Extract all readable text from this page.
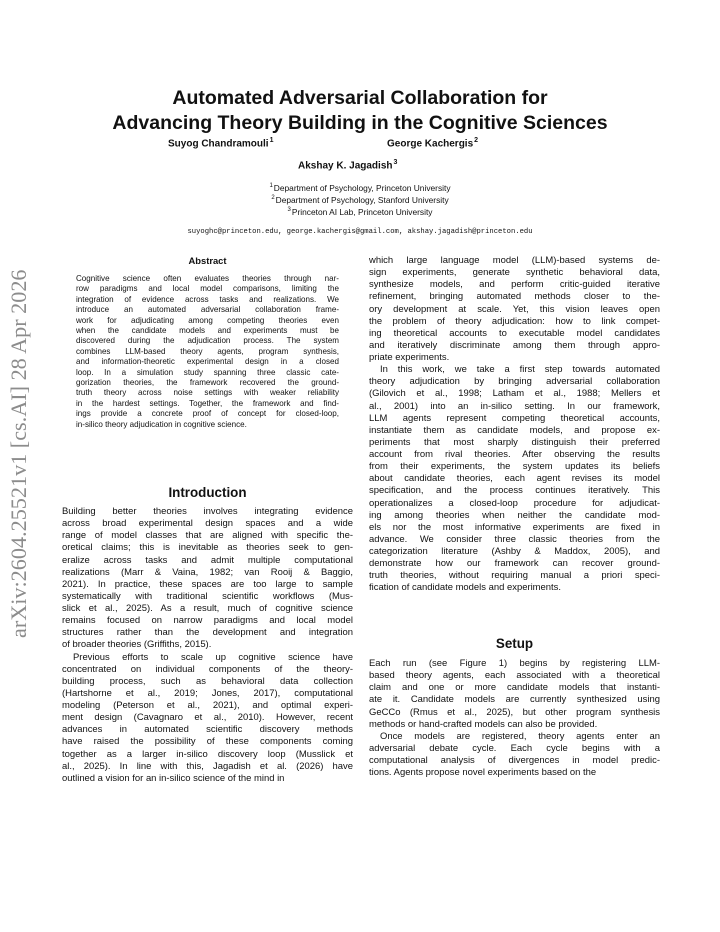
arXiv:2604.25521v1 [cs.AI] 28 Apr 2026
Automated Adversarial Collaboration for
Advancing Theory Building in the Cognitive Sciences
Suyog Chandramouli$^1$	George Kachergis$^2$
Akshay K. Jagadish$^3$
$^1$Department of Psychology, Princeton University
$^2$Department of Psychology, Stanford University
$^3$Princeton AI Lab, Princeton University
suyoghc@princeton.edu, george.kachergis@gmail.com, akshay.jagadish@princeton.edu
Abstract
Cognitive science often evaluates theories through nar-
row paradigms and local model comparisons, limiting the
integration of evidence across tasks and realizations. We
introduce an automated adversarial collaboration frame-
work for adjudicating among competing theories even
when the candidate models and experiments must be
discovered during the adjudication process. The system
combines LLM-based theory agents, program synthesis,
and information-theoretic experimental design in a closed
loop. In a simulation study spanning three classic cate-
gorization theories, the framework recovered the ground-
truth theory across noise settings with weaker reliability
in the hardest settings. Together, the framework and find-
ings provide a concrete proof of concept for closed-loop,
in-silico theory adjudication in cognitive science.
Introduction
Building better theories involves integrating evidence
across broad experimental design spaces and a wide
range of model classes that are aligned with specific the-
oretical claims; this is inevitable as theories seek to gen-
eralize across tasks and admit multiple computational
realizations (Marr & Vaina, 1982; van Rooij & Baggio,
2021). In practice, these spaces are too large to sample
systematically with traditional scientific workflows (Mus-
slick et al., 2025). As a result, much of cognitive science
remains focused on narrow paradigms and local model
structures rather than the development and integration
of broader theories (Griffiths, 2015).
Previous efforts to scale up cognitive science have
concentrated on individual components of the theory-
building process, such as behavioral data collection
(Hartshorne et al., 2019; Jones, 2017), computational
modeling (Peterson et al., 2021), and optimal experi-
ment design (Cavagnaro et al., 2010). However, recent
advances in automated scientific discovery methods
have raised the possibility of these components coming
together as a larger in-silico discovery loop (Musslick et
al., 2025). In line with this, Jagadish et al. (2026) have
outlined a vision for an in-silico science of the mind in
which large language model (LLM)-based systems de-
sign experiments, generate synthetic behavioral data,
synthesize models, and perform critic-guided iterative
refinement, bringing automated methods closer to the-
ory development at scale. Yet, this vision leaves open
the problem of theory adjudication: how to link compet-
ing theoretical accounts to executable model candidates
and iteratively discriminate among them through appro-
priate experiments.
In this work, we take a first step towards automated
theory adjudication by bringing adversarial collaboration
(Gilovich et al., 1998; Latham et al., 1988; Mellers et
al., 2001) into an in-silico setting. In our framework,
LLM agents represent competing theoretical accounts,
instantiate them as candidate models, and propose ex-
periments that most sharply distinguish their preferred
account from rival theories. After observing the results
from their experiments, the system updates its beliefs
about candidate theories, each agent revises its model
specification, and the process continues iteratively. This
operationalizes a closed-loop procedure for adjudicat-
ing among theories when neither the candidate mod-
els nor the most informative experiments are fixed in
advance. We consider three classic theories from the
categorization literature (Ashby & Maddox, 2005), and
demonstrate how our framework can recover ground-
truth theories, without requiring manual a priori speci-
fication of candidate models and experiments.
Setup
Each run (see Figure 1) begins by registering LLM-
based theory agents, each associated with a theoretical
claim and one or more candidate models that instanti-
ate it. Candidate models are currently synthesized using
GeCCo (Rmus et al., 2025), but other program synthesis
methods or hand-crafted models can also be provided.
Once models are registered, theory agents enter an
adversarial debate cycle. Each cycle begins with a
computational analysis of divergences in model predic-
tions. Agents propose novel experiments based on the
